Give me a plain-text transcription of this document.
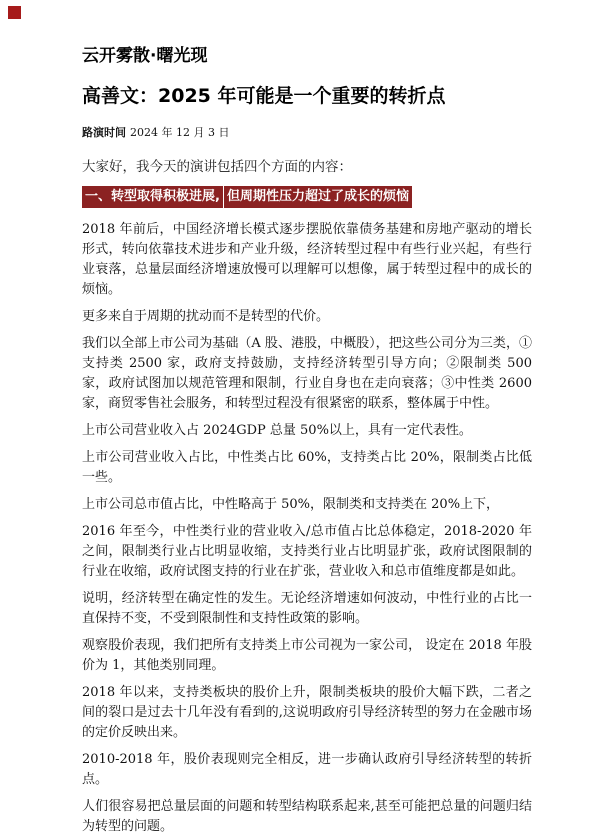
云开雾散·曙光现
高善文：2025 年可能是一个重要的转折点
路演时间 2024 年 12 月 3 日
大家好，我今天的演讲包括四个方面的内容：
一、转型取得积极进展, 但周期性压力超过了成长的烦恼

2018 年前后，中国经济增长模式逐步摆脱依靠债务基建和房地产驱动的增长形式，转向依靠技术进步和产业升级，经济转型过程中有些行业兴起，有些行业衰落，总量层面经济增速放慢可以理解可以想像，属于转型过程中的成长的烦恼。

更多来自于周期的扰动而不是转型的代价。

我们以全部上市公司为基础（A 股、港股，中概股），把这些公司分为三类，①支持类 2500 家，政府支持鼓励，支持经济转型引导方向；②限制类 500 家，政府试图加以规范管理和限制，行业自身也在走向衰落；③中性类 2600 家，商贸零售社会服务，和转型过程没有很紧密的联系，整体属于中性。

上市公司营业收入占 2024GDP 总量 50%以上，具有一定代表性。

上市公司营业收入占比，中性类占比 60%，支持类占比 20%，限制类占比低一些。

上市公司总市值占比，中性略高于 50%，限制类和支持类在 20%上下，

2016 年至今，中性类行业的营业收入/总市值占比总体稳定，2018-2020 年之间，限制类行业占比明显收缩，支持类行业占比明显扩张，政府试图限制的行业在收缩，政府试图支持的行业在扩张，营业收入和总市值维度都是如此。

说明，经济转型在确定性的发生。无论经济增速如何波动，中性行业的占比一直保持不变，不受到限制性和支持性政策的影响。

观察股价表现，我们把所有支持类上市公司视为一家公司， 设定在 2018 年股价为 1，其他类别同理。

2018 年以来，支持类板块的股价上升，限制类板块的股价大幅下跌，二者之间的裂口是过去十几年没有看到的,这说明政府引导经济转型的努力在金融市场的定价反映出来。

2010-2018 年，股价表现则完全相反，进一步确认政府引导经济转型的转折点。

人们很容易把总量层面的问题和转型结构联系起来,甚至可能把总量的问题归结为转型的问题。
